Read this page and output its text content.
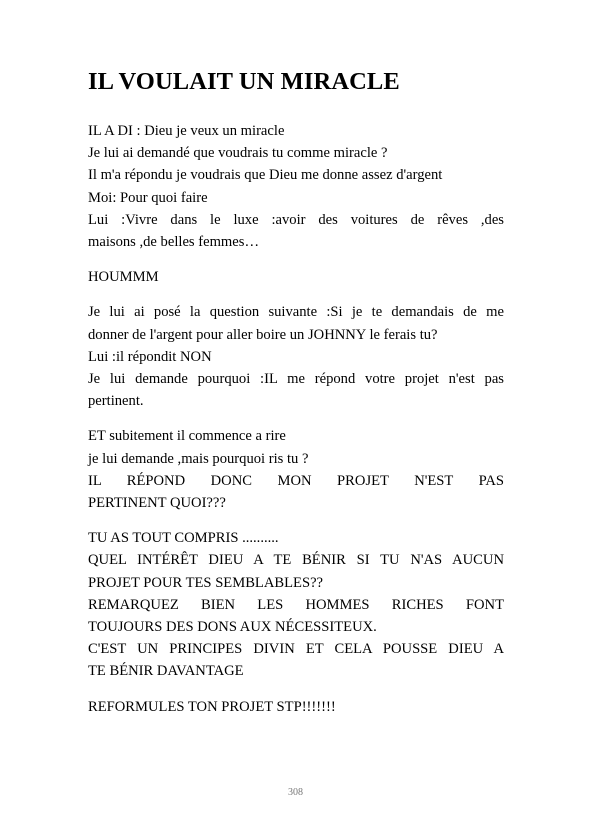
IL VOULAIT UN MIRACLE

IL A DI : Dieu je veux un miracle
Je lui ai demandé que voudrais tu comme miracle ?
Il m'a répondu je voudrais que Dieu me donne assez d'argent
Moi: Pour quoi faire
Lui :Vivre dans le luxe :avoir des voitures de rêves ,des
maisons ,de belles femmes…

HOUMMM

Je lui ai posé la question suivante :Si je te demandais de me
donner de l'argent pour aller boire un JOHNNY le ferais tu?
Lui :il répondit NON
Je lui demande pourquoi :IL me répond votre projet n'est pas
pertinent.

ET subitement il commence a rire
je lui demande ,mais pourquoi ris tu ?
IL RÉPOND DONC MON PROJET N'EST PAS
PERTINENT QUOI???

TU AS TOUT COMPRIS ..........
QUEL INTÉRÊT DIEU A TE BÉNIR SI TU N'AS AUCUN
PROJET POUR TES SEMBLABLES??
REMARQUEZ BIEN LES HOMMES RICHES FONT
TOUJOURS DES DONS AUX NÉCESSITEUX.
C'EST UN PRINCIPES DIVIN ET CELA POUSSE DIEU A
TE BÉNIR DAVANTAGE

REFORMULES TON PROJET STP!!!!!!!

308
